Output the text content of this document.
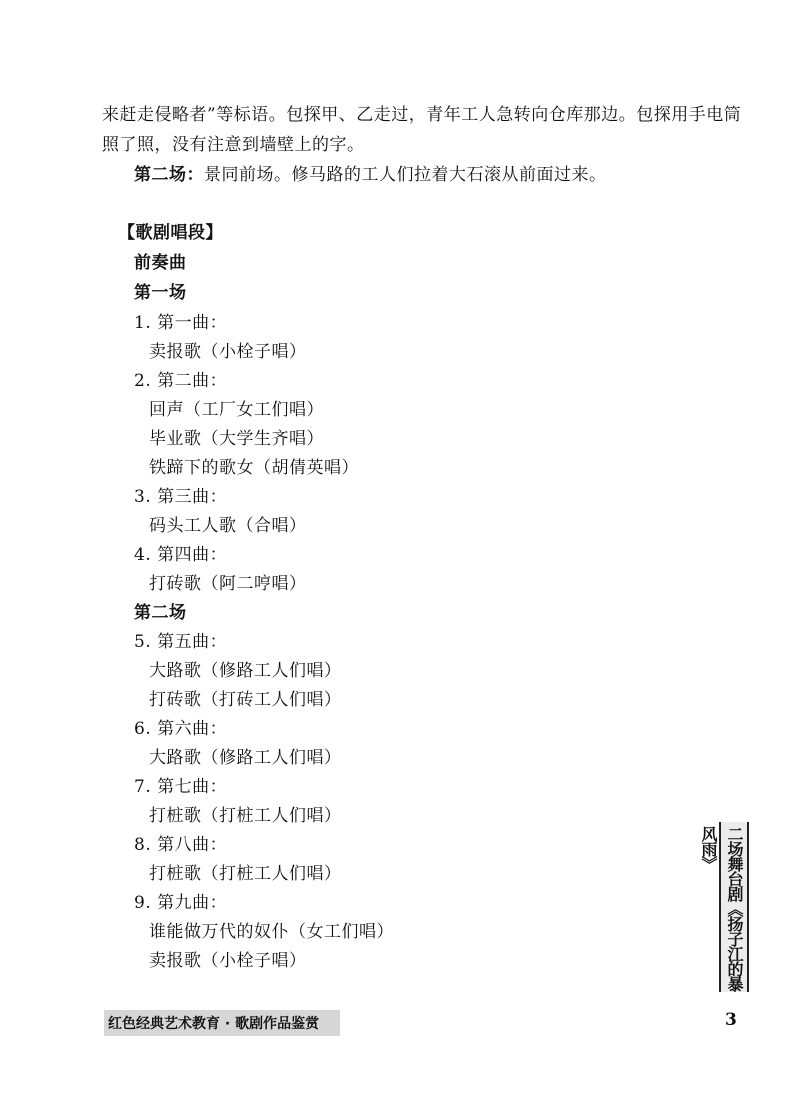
来赶走侵略者”等标语。包探甲、乙走过，青年工人急转向仓库那边。包探用手电筒
照了照，没有注意到墙壁上的字。
第二场：景同前场。修马路的工人们拉着大石滚从前面过来。
【歌剧唱段】
前奏曲
第一场
1. 第一曲：
卖报歌（小栓子唱）
2. 第二曲：
回声（工厂女工们唱）
毕业歌（大学生齐唱）
铁蹄下的歌女（胡倩英唱）
3. 第三曲：
码头工人歌（合唱）
4. 第四曲：
打砖歌（阿二哼唱）
第二场
5. 第五曲：
大路歌（修路工人们唱）
打砖歌（打砖工人们唱）
6. 第六曲：
大路歌（修路工人们唱）
7. 第七曲：
打桩歌（打桩工人们唱）
8. 第八曲：
打桩歌（打桩工人们唱）
9. 第九曲：
谁能做万代的奴仆（女工们唱）
卖报歌（小栓子唱）	二场舞台剧《扬子江的暴风雨》
红色经典艺术教育 · 歌剧作品鉴赏	3
